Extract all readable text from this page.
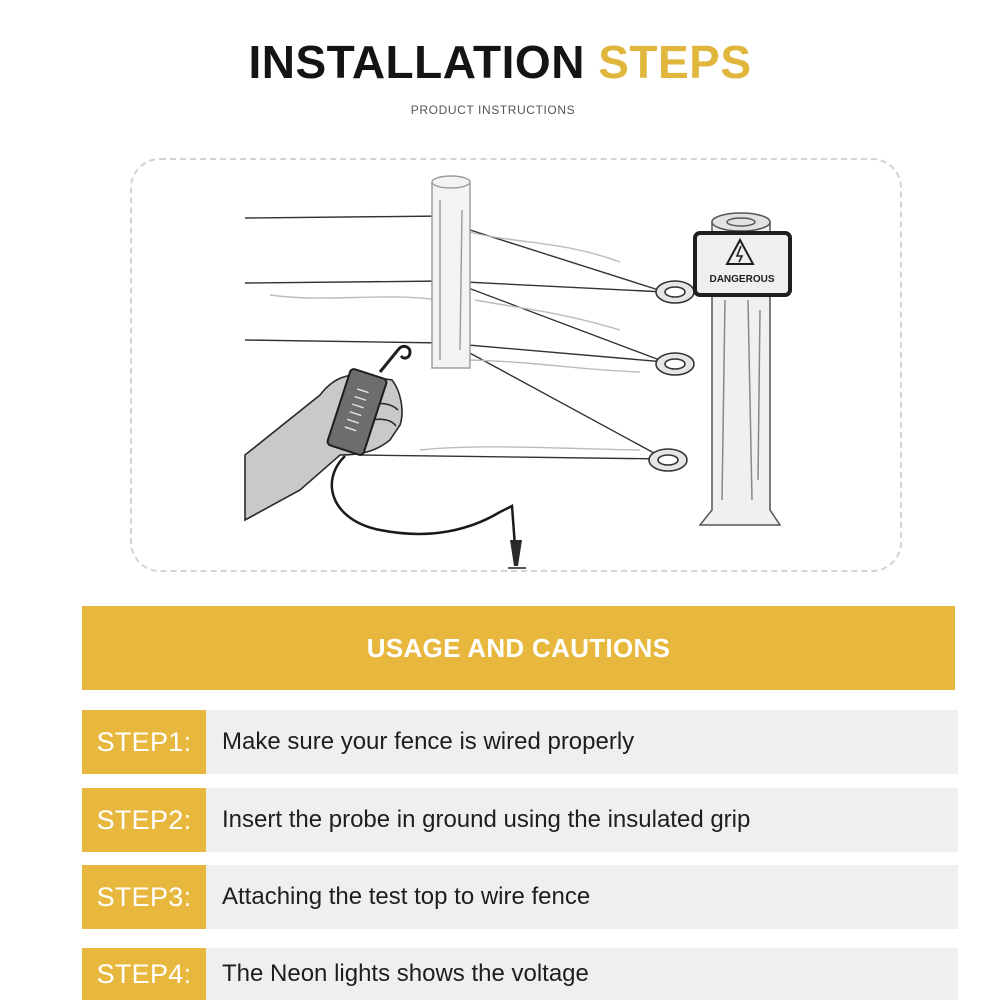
INSTALLATION STEPS
PRODUCT INSTRUCTIONS
DANGEROUS
USAGE AND CAUTIONS
STEP1:	Make sure your fence is wired properly
STEP2:	Insert the probe in ground using the insulated grip
STEP3:	Attaching the test top to wire fence
STEP4:	The Neon lights shows the voltage
